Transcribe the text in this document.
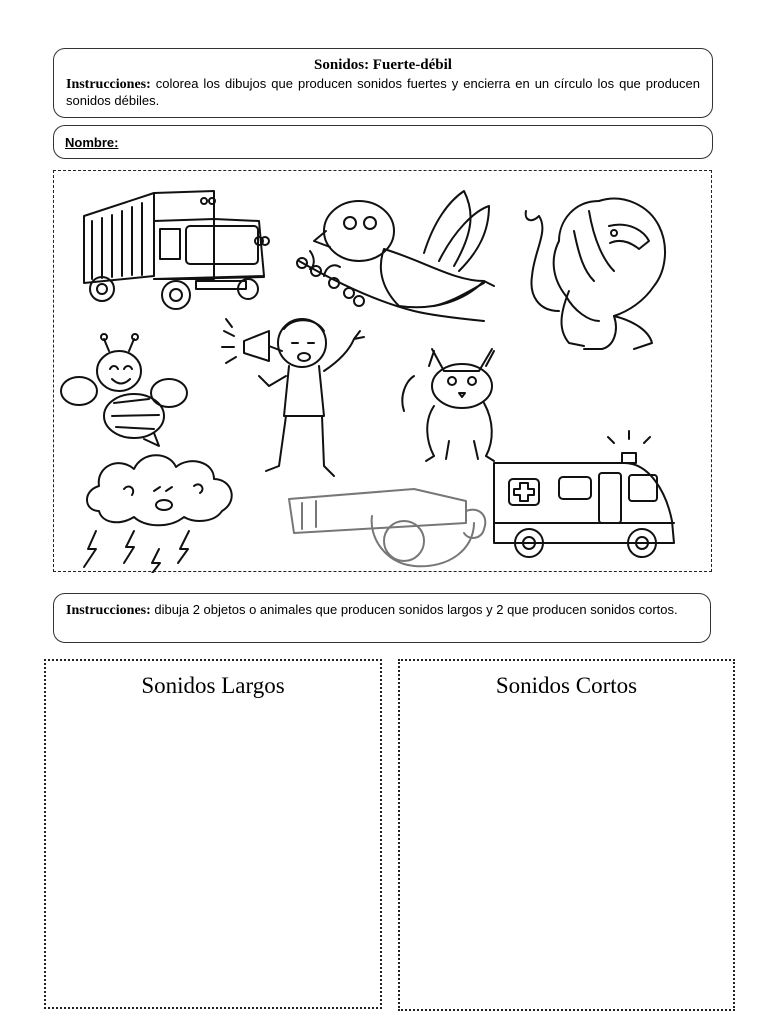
Sonidos: Fuerte-débil
Instrucciones: colorea los dibujos que producen sonidos fuertes y encierra en un círculo los que producen sonidos débiles.
Nombre:
Instrucciones: dibuja 2 objetos o animales que producen sonidos largos y 2 que producen sonidos cortos.
Sonidos Largos	Sonidos Cortos
